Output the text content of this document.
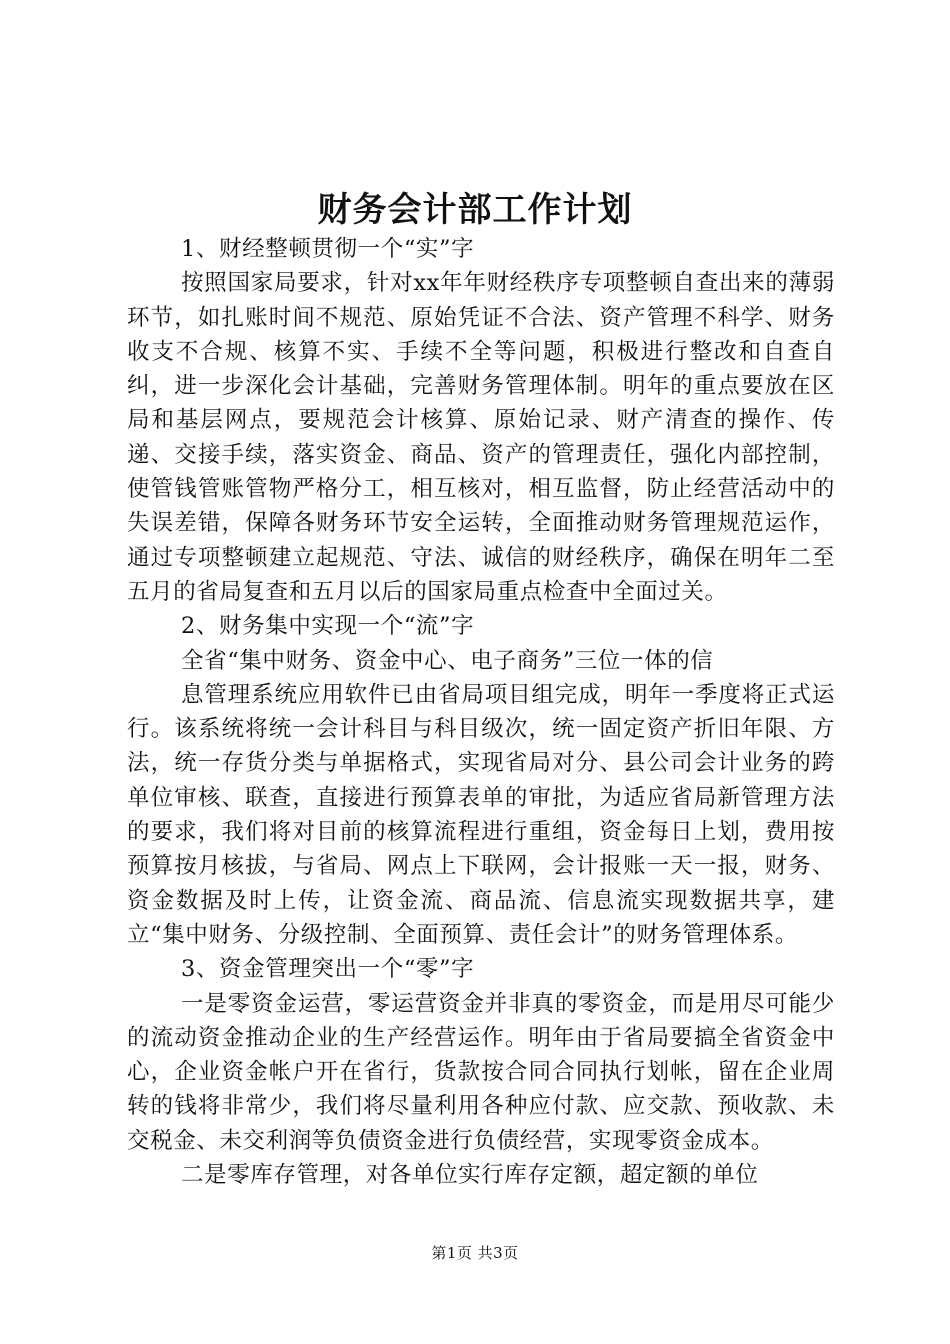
财务会计部工作计划

1、财经整顿贯彻一个“实”字

按照国家局要求，针对xx年年财经秩序专项整顿自查出来的薄弱环节，如扎账时间不规范、原始凭证不合法、资产管理不科学、财务收支不合规、核算不实、手续不全等问题，积极进行整改和自查自纠，进一步深化会计基础，完善财务管理体制。明年的重点要放在区局和基层网点，要规范会计核算、原始记录、财产清查的操作、传递、交接手续，落实资金、商品、资产的管理责任，强化内部控制，使管钱管账管物严格分工，相互核对，相互监督，防止经营活动中的失误差错，保障各财务环节安全运转，全面推动财务管理规范运作，通过专项整顿建立起规范、守法、诚信的财经秩序，确保在明年二至五月的省局复查和五月以后的国家局重点检查中全面过关。

2、财务集中实现一个“流”字

全省“集中财务、资金中心、电子商务”三位一体的信

息管理系统应用软件已由省局项目组完成，明年一季度将正式运行。该系统将统一会计科目与科目级次，统一固定资产折旧年限、方法，统一存货分类与单据格式，实现省局对分、县公司会计业务的跨单位审核、联查，直接进行预算表单的审批，为适应省局新管理方法的要求，我们将对目前的核算流程进行重组，资金每日上划，费用按预算按月核拔，与省局、网点上下联网，会计报账一天一报，财务、资金数据及时上传，让资金流、商品流、信息流实现数据共享，建立“集中财务、分级控制、全面预算、责任会计”的财务管理体系。

3、资金管理突出一个“零”字

一是零资金运营，零运营资金并非真的零资金，而是用尽可能少的流动资金推动企业的生产经营运作。明年由于省局要搞全省资金中心，企业资金帐户开在省行，货款按合同合同执行划帐，留在企业周转的钱将非常少，我们将尽量利用各种应付款、应交款、预收款、未交税金、未交利润等负债资金进行负债经营，实现零资金成本。

二是零库存管理，对各单位实行库存定额，超定额的单位

第1页 共3页
